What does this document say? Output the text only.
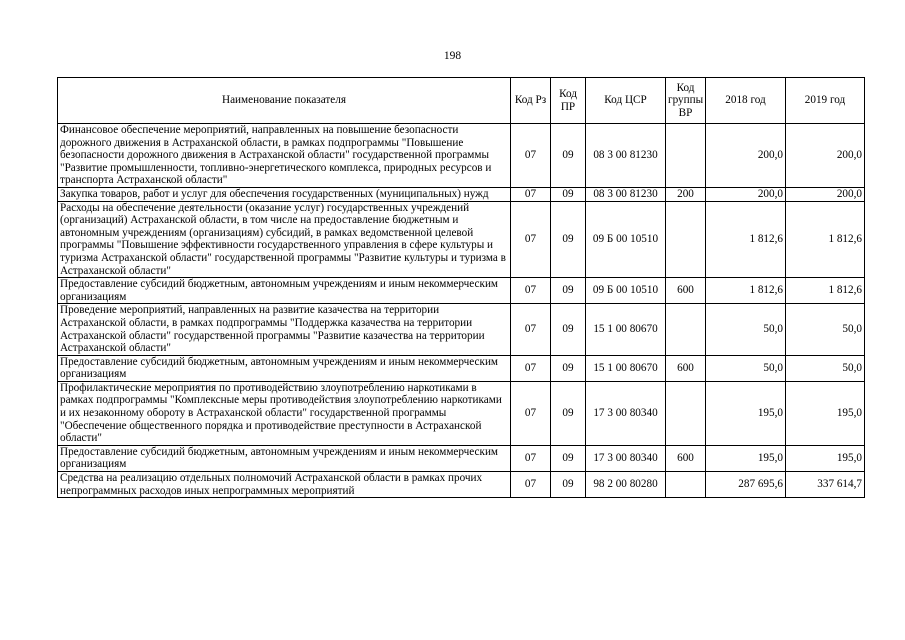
198
Наименование показателя	Код Рз	Код ПР	Код ЦСР	Код группы ВР	2018 год	2019 год
Финансовое обеспечение мероприятий, направленных на повышение безопасности дорожного движения в Астраханской области, в рамках подпрограммы "Повышение безопасности дорожного движения в Астраханской области" государственной программы "Развитие промышленности, топливно-энергетического комплекса, природных ресурсов и транспорта Астраханской области"	07	09	08 3 00 81230		200,0	200,0
Закупка товаров, работ и услуг для обеспечения государственных (муниципальных) нужд	07	09	08 3 00 81230	200	200,0	200,0
Расходы на обеспечение деятельности (оказание услуг) государственных учреждений (организаций) Астраханской области, в том числе на предоставление бюджетным и автономным учреждениям (организациям) субсидий, в рамках ведомственной целевой программы "Повышение эффективности государственного управления в сфере культуры и туризма Астраханской области" государственной программы "Развитие культуры и туризма в Астраханской области"	07	09	09 Б 00 10510		1 812,6	1 812,6
Предоставление субсидий бюджетным, автономным учреждениям и иным некоммерческим организациям	07	09	09 Б 00 10510	600	1 812,6	1 812,6
Проведение мероприятий, направленных на развитие казачества на территории Астраханской области, в рамках подпрограммы "Поддержка казачества на территории Астраханской области" государственной программы "Развитие казачества на территории Астраханской области"	07	09	15 1 00 80670		50,0	50,0
Предоставление субсидий бюджетным, автономным учреждениям и иным некоммерческим организациям	07	09	15 1 00 80670	600	50,0	50,0
Профилактические мероприятия по противодействию злоупотреблению наркотиками в рамках подпрограммы "Комплексные меры противодействия злоупотреблению наркотиками и их незаконному обороту в Астраханской области" государственной программы "Обеспечение общественного порядка и противодействие преступности в Астраханской области"	07	09	17 3 00 80340		195,0	195,0
Предоставление субсидий бюджетным, автономным учреждениям и иным некоммерческим организациям	07	09	17 3 00 80340	600	195,0	195,0
Средства на реализацию отдельных полномочий Астраханской области в рамках прочих непрограммных расходов иных непрограммных мероприятий	07	09	98 2 00 80280		287 695,6	337 614,7
